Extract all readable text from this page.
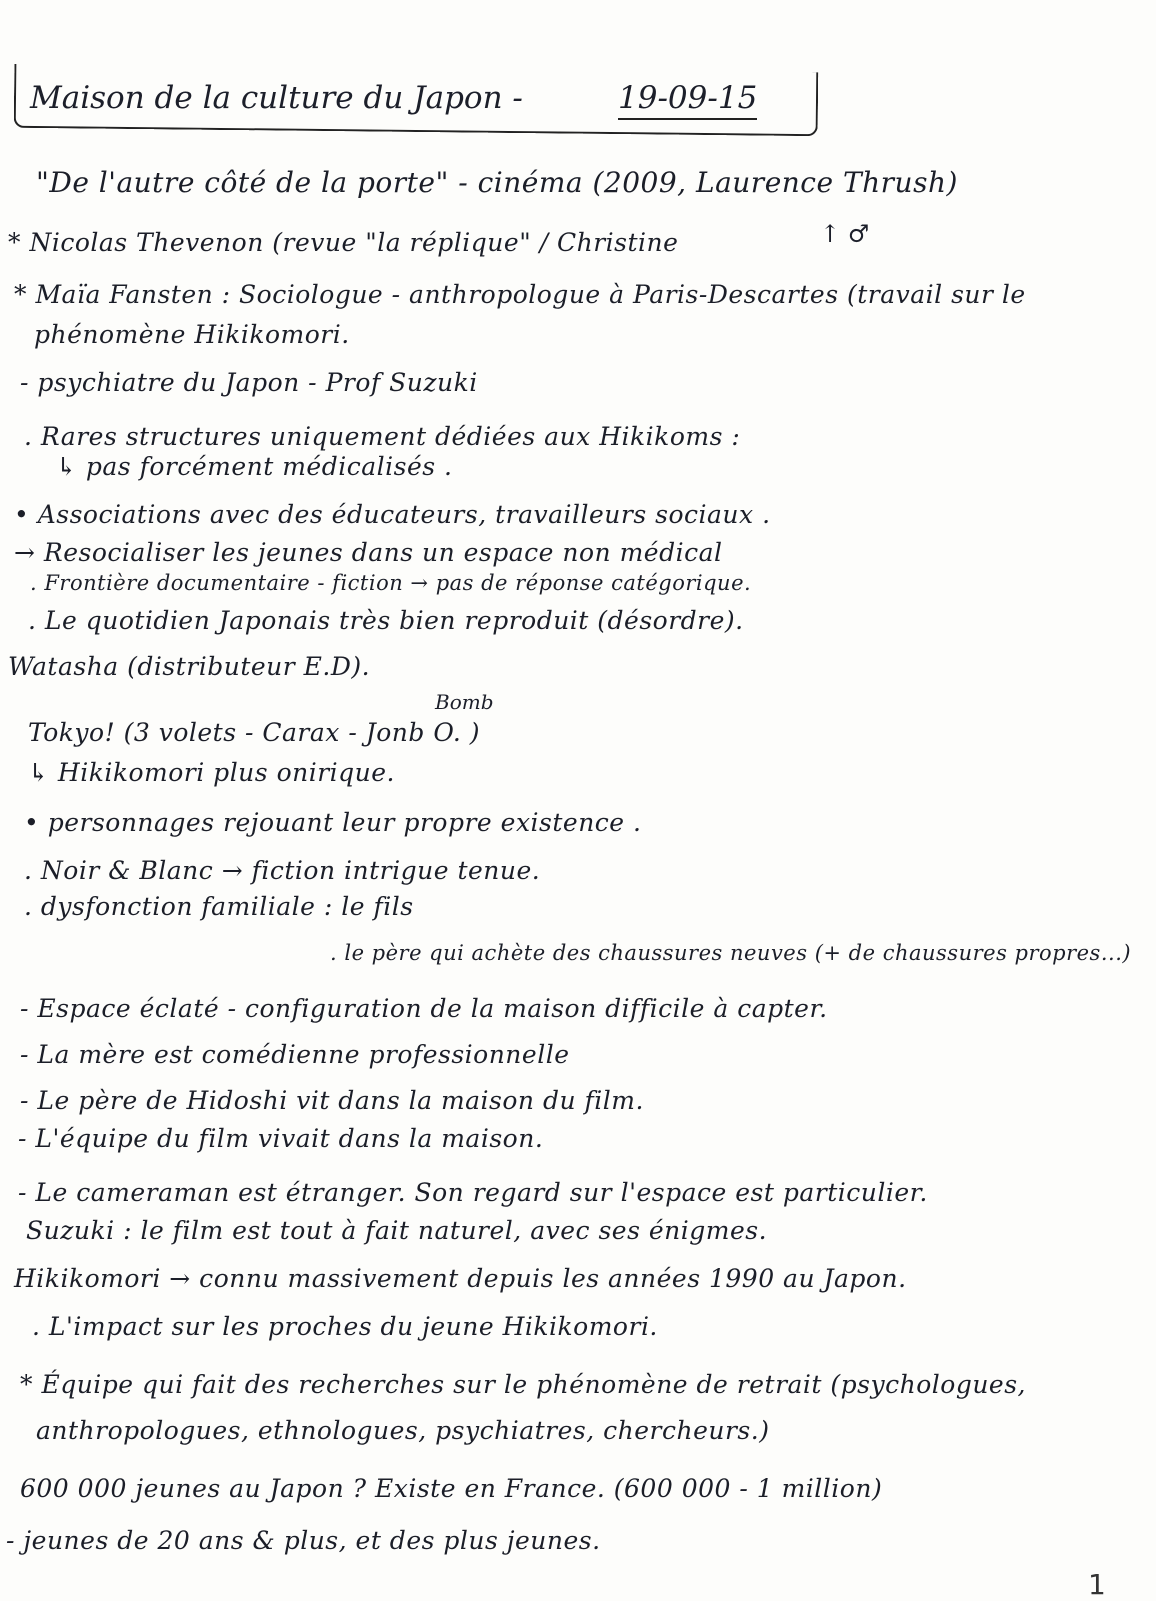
Maison de la culture du Japon -	19-09-15
"De l'autre côté de la porte" - cinéma (2009, Laurence Thrush)
↑ ♂
* Nicolas Thevenon (revue "la réplique" / Christine
* Maïa Fansten : Sociologue - anthropologue à Paris-Descartes (travail sur le
phénomène Hikikomori.
- psychiatre du Japon - Prof Suzuki
. Rares structures uniquement dédiées aux Hikikoms :
↳ pas forcément médicalisés .
• Associations avec des éducateurs, travailleurs sociaux .
→ Resocialiser les jeunes dans un espace non médical
. Frontière documentaire - fiction → pas de réponse catégorique.
. Le quotidien Japonais très bien reproduit (désordre).
Watasha (distributeur E.D).
Bomb
Tokyo! (3 volets - Carax - Jonb O. )
↳ Hikikomori plus onirique.
• personnages rejouant leur propre existence .
. Noir & Blanc → fiction intrigue tenue.
. dysfonction familiale : le fils
. le père qui achète des chaussures neuves (+ de chaussures propres...)
- Espace éclaté - configuration de la maison difficile à capter.
- La mère est comédienne professionnelle
- Le père de Hidoshi vit dans la maison du film.
- L'équipe du film vivait dans la maison.
- Le cameraman est étranger. Son regard sur l'espace est particulier.
Suzuki : le film est tout à fait naturel, avec ses énigmes.
Hikikomori → connu massivement depuis les années 1990 au Japon.
. L'impact sur les proches du jeune Hikikomori.
* Équipe qui fait des recherches sur le phénomène de retrait (psychologues,
anthropologues, ethnologues, psychiatres, chercheurs.)
600 000 jeunes au Japon ? Existe en France. (600 000 - 1 million)
- jeunes de 20 ans & plus, et des plus jeunes.
1
